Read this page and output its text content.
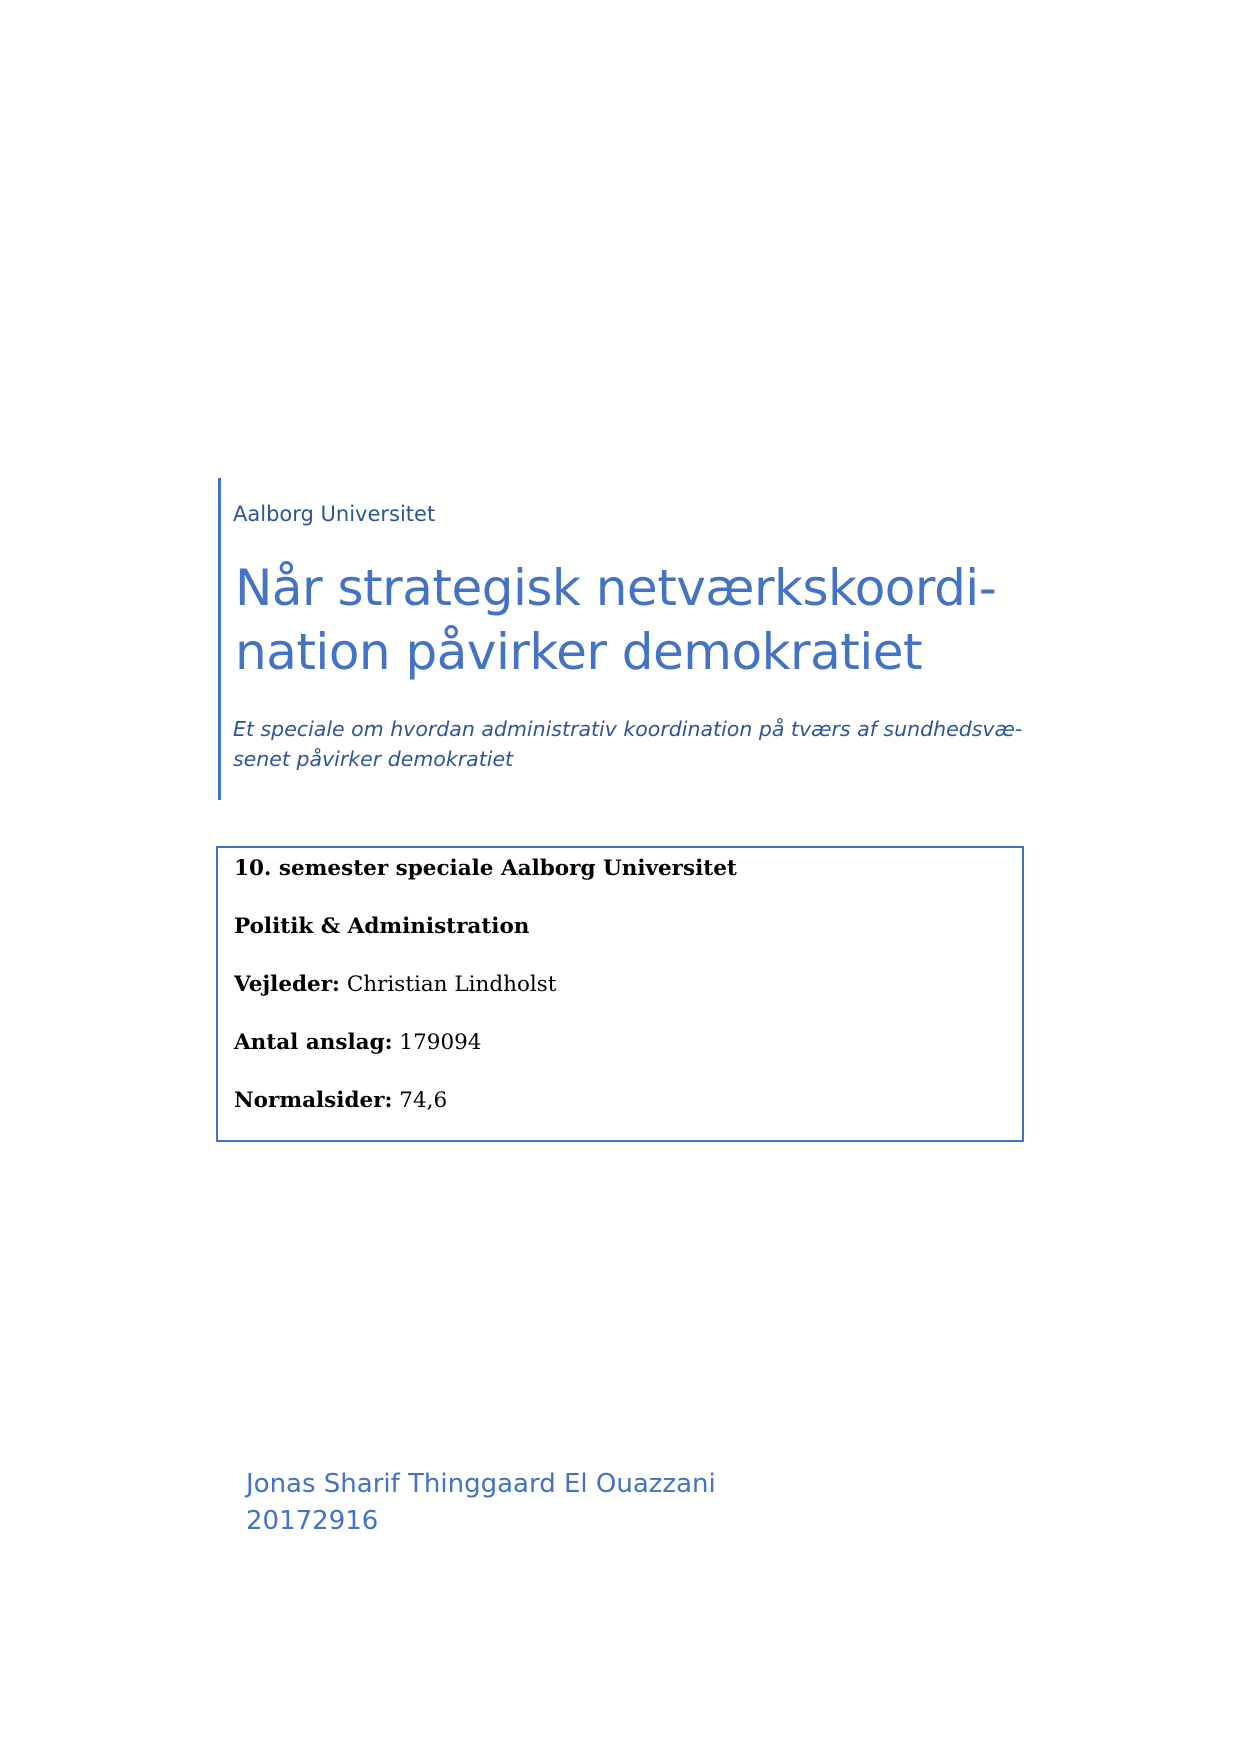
Aalborg Universitet
Når strategisk netværkskoordi-
nation påvirker demokratiet
Et speciale om hvordan administrativ koordination på tværs af sundhedsvæ-
senet påvirker demokratiet
10. semester speciale Aalborg Universitet
Politik & Administration
Vejleder: Christian Lindholst
Antal anslag: 179094
Normalsider: 74,6
Jonas Sharif Thinggaard El Ouazzani
20172916
